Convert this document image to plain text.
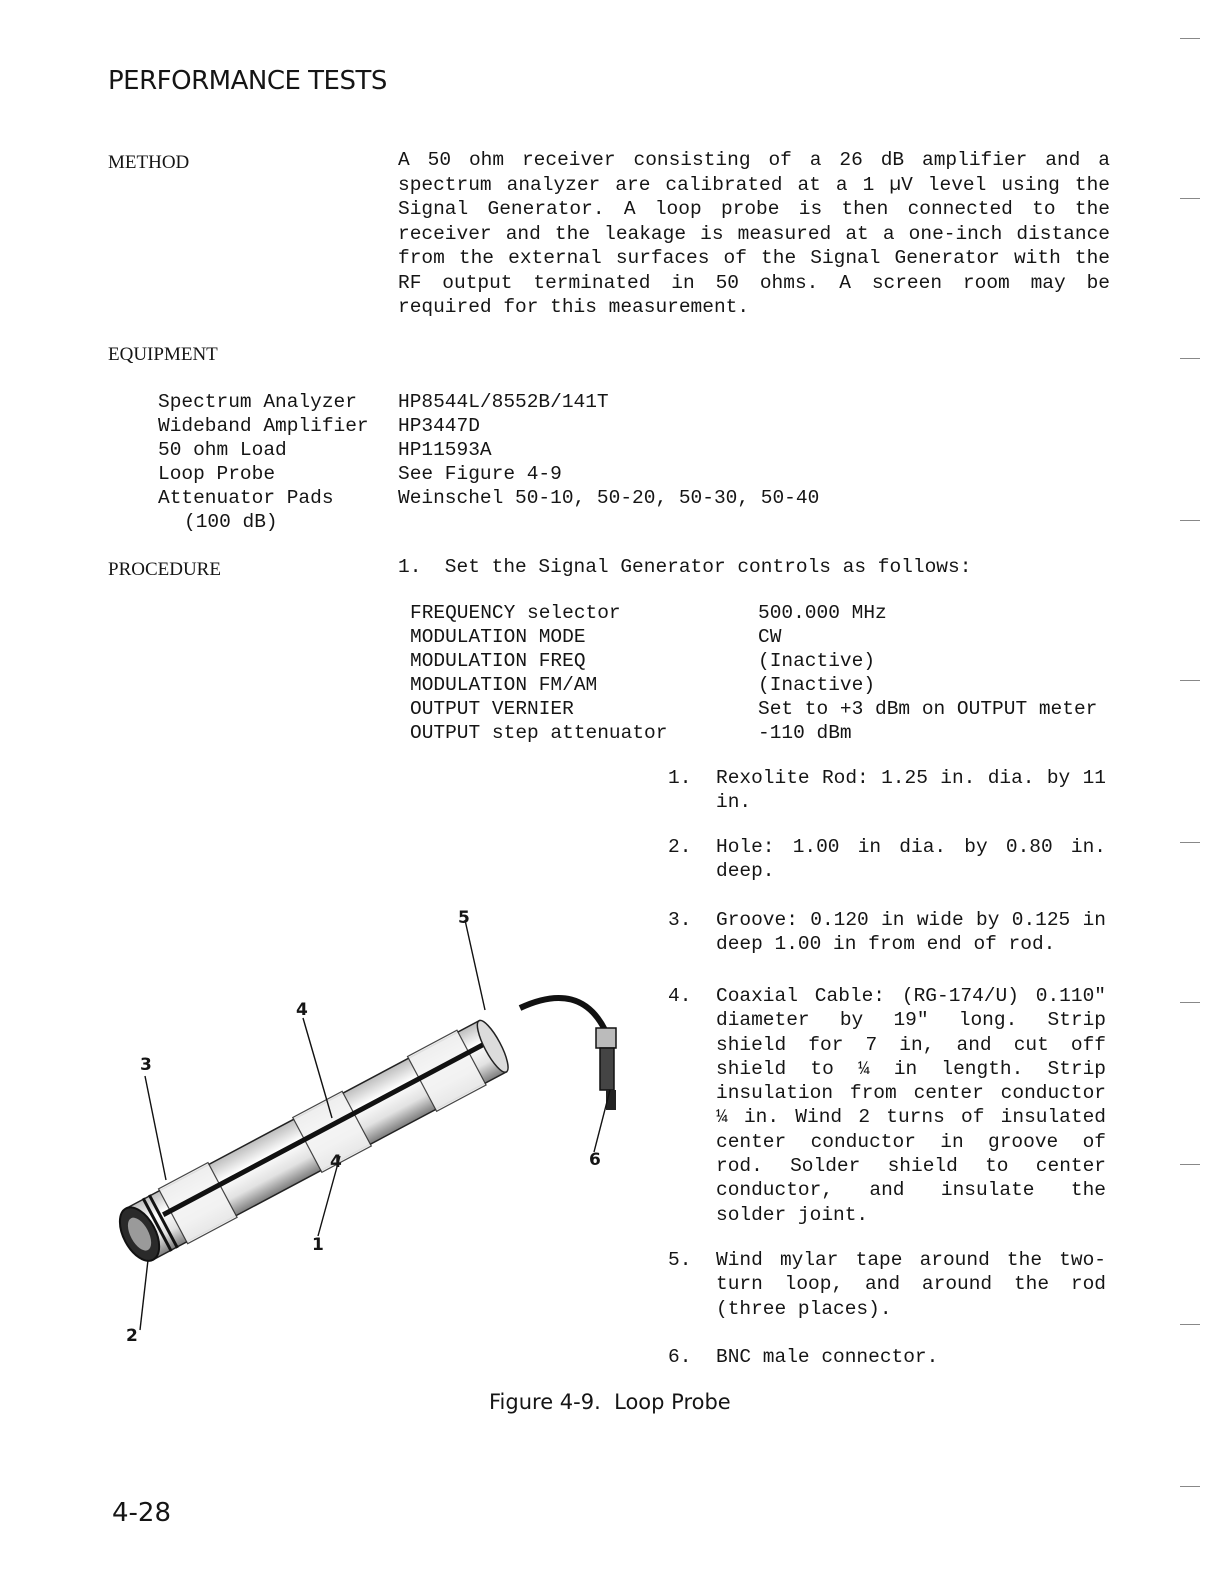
PERFORMANCE TESTS
METHOD
EQUIPMENT
PROCEDURE
A 50 ohm receiver consisting of a 26 dB amplifier and a spectrum analyzer are calibrated at a 1 µV level using the Signal Generator. A loop probe is then connected to the receiver and the leakage is measured at a one-inch distance from the external surfaces of the Signal Generator with the RF output terminated in 50 ohms. A screen room may be required for this measurement.
Spectrum Analyzer HP8544L/8552B/141T
Wideband Amplifier HP3447D
50 ohm Load	HP11593A
Loop Probe	See Figure 4-9
Attenuator Pads	Weinschel 50-10, 50-20, 50-30, 50-40
(100 dB)
1.  Set the Signal Generator controls as follows:
FREQUENCY selector	500.000 MHz
MODULATION MODE	CW
MODULATION FREQ	(Inactive)
MODULATION FM/AM	(Inactive)
OUTPUT VERNIER	Set to +3 dBm on OUTPUT meter
OUTPUT step attenuator	-110 dBm
1. Rexolite Rod: 1.25 in. dia. by 11 in.
2. Hole: 1.00 in dia. by 0.80 in. deep.
3. Groove: 0.120 in wide by 0.125 in deep 1.00 in from end of rod.
4. Coaxial Cable: (RG-174/U) 0.110" diameter by 19" long. Strip shield for 7 in, and cut off shield to ¼ in length. Strip insulation from center conductor ¼ in. Wind 2 turns of insulated center conductor in groove of rod. Solder shield to center conductor, and insulate the solder joint.
5. Wind mylar tape around the two-turn loop, and around the rod (three places).
6. BNC male connector.
1
2
3
4
4
5
6
Figure 4-9.  Loop Probe
4-28
